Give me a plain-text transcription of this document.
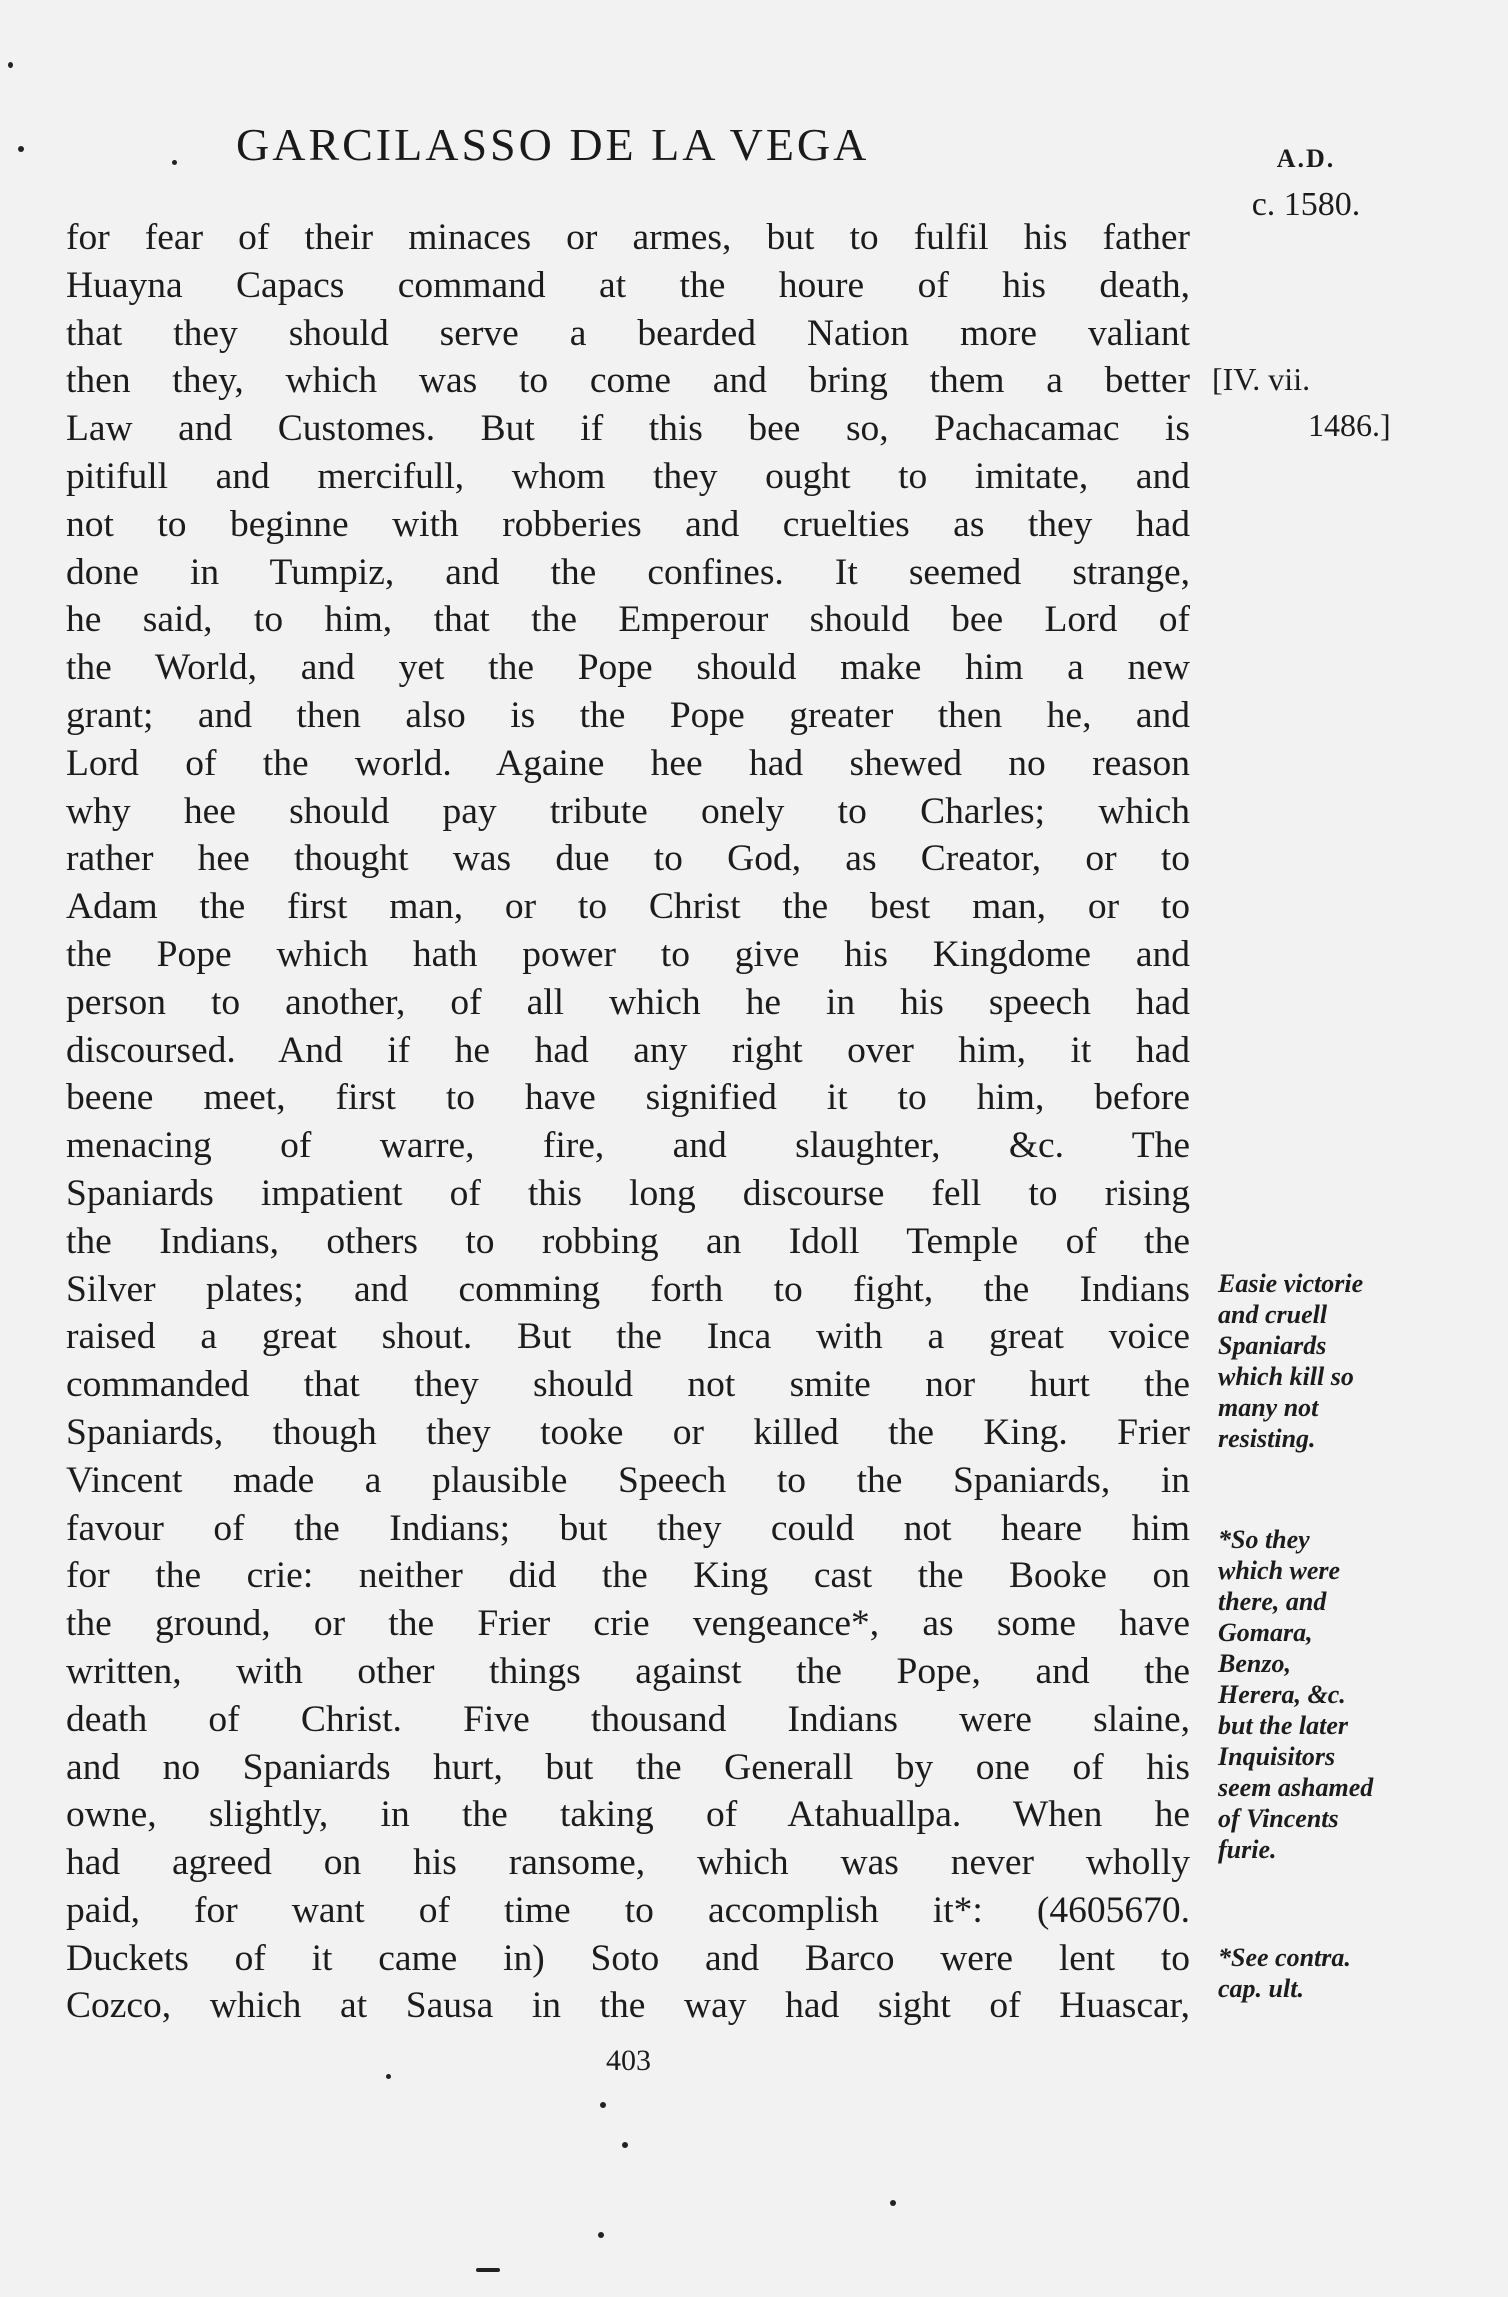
GARCILASSO DE LA VEGA	A.D.
c. 1580.
[IV. vii.
1486.]
for fear of their minaces or armes, but to fulfil his father
Huayna Capacs command at the houre of his death,
that they should serve a bearded Nation more valiant
then they, which was to come and bring them a better
Law and Customes. But if this bee so, Pachacamac is
pitifull and mercifull, whom they ought to imitate, and
not to beginne with robberies and cruelties as they had
done in Tumpiz, and the confines. It seemed strange,
he said, to him, that the Emperour should bee Lord of
the World, and yet the Pope should make him a new
grant; and then also is the Pope greater then he, and
Lord of the world. Againe hee had shewed no reason
why hee should pay tribute onely to Charles; which
rather hee thought was due to God, as Creator, or to
Adam the first man, or to Christ the best man, or to
the Pope which hath power to give his Kingdome and
person to another, of all which he in his speech had
discoursed. And if he had any right over him, it had
beene meet, first to have signified it to him, before
menacing of warre, fire, and slaughter, &c. The
Spaniards impatient of this long discourse fell to rising
the Indians, others to robbing an Idoll Temple of the
Silver plates; and comming forth to fight, the Indians
raised a great shout. But the Inca with a great voice
commanded that they should not smite nor hurt the
Spaniards, though they tooke or killed the King. Frier
Vincent made a plausible Speech to the Spaniards, in
favour of the Indians; but they could not heare him
for the crie: neither did the King cast the Booke on
the ground, or the Frier crie vengeance*, as some have
written, with other things against the Pope, and the
death of Christ. Five thousand Indians were slaine,
and no Spaniards hurt, but the Generall by one of his
owne, slightly, in the taking of Atahuallpa. When he
had agreed on his ransome, which was never wholly
paid, for want of time to accomplish it*: (4605670.
Duckets of it came in) Soto and Barco were lent to
Cozco, which at Sausa in the way had sight of Huascar,
Easie victorie
and cruell
Spaniards
which kill so
many not
resisting.
*So they
which were
there, and
Gomara,
Benzo,
Herera, &c.
but the later
Inquisitors
seem ashamed
of Vincents
furie.
*See contra.
cap. ult.
403
